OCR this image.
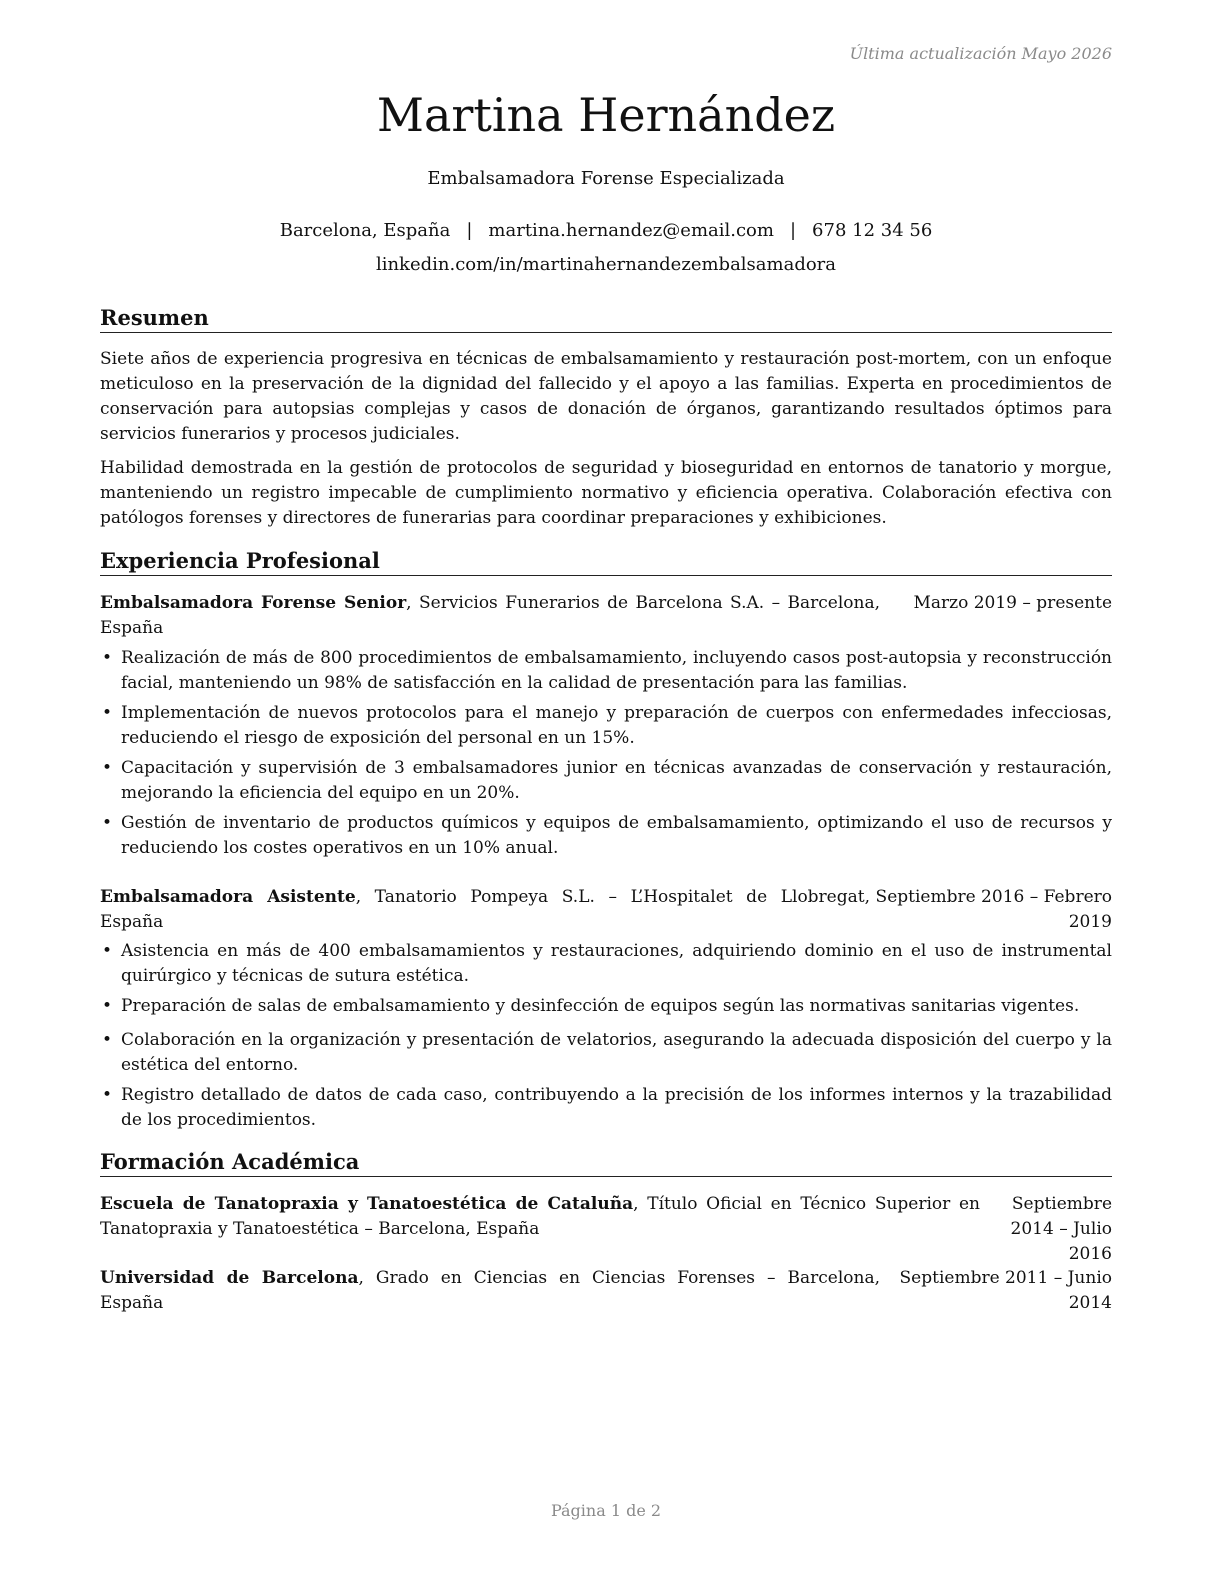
Última actualización Mayo 2026
Martina Hernández
Embalsamadora Forense Especializada
Barcelona, España | martina.hernandez@email.com | 678 12 34 56
linkedin.com/in/martinahernandezembalsamadora
Resumen

Siete años de experiencia progresiva en técnicas de embalsamamiento y restauración post-mortem, con un enfoque meticuloso en la preservación de la dignidad del fallecido y el apoyo a las familias. Experta en procedimientos de conservación para autopsias complejas y casos de donación de órganos, garantizando resultados óptimos para servicios funerarios y procesos judiciales.

Habilidad demostrada en la gestión de protocolos de seguridad y bioseguridad en entornos de tanatorio y morgue, manteniendo un registro impecable de cumplimiento normativo y eficiencia operativa. Colaboración efectiva con patólogos forenses y directores de funerarias para coordinar preparaciones y exhibiciones.

Experiencia Profesional
Embalsamadora Forense Senior, Servicios Funerarios de Barcelona S.A. – Barcelona, España
Marzo 2019 – presente
• Realización de más de 800 procedimientos de embalsamamiento, incluyendo casos post-autopsia y reconstrucción facial, manteniendo un 98% de satisfacción en la calidad de presentación para las familias.
• Implementación de nuevos protocolos para el manejo y preparación de cuerpos con enfermedades infecciosas, reduciendo el riesgo de exposición del personal en un 15%.
• Capacitación y supervisión de 3 embalsamadores junior en técnicas avanzadas de conservación y restauración, mejorando la eficiencia del equipo en un 20%.
• Gestión de inventario de productos químicos y equipos de embalsamamiento, optimizando el uso de recursos y reduciendo los costes operativos en un 10% anual.
Embalsamadora Asistente, Tanatorio Pompeya S.L. – L’Hospitalet de Llobregat, España
Septiembre 2016 – Febrero 2019
• Asistencia en más de 400 embalsamamientos y restauraciones, adquiriendo dominio en el uso de instrumental quirúrgico y técnicas de sutura estética.
• Preparación de salas de embalsamamiento y desinfección de equipos según las normativas sanitarias vigentes.
• Colaboración en la organización y presentación de velatorios, asegurando la adecuada disposición del cuerpo y la estética del entorno.
• Registro detallado de datos de cada caso, contribuyendo a la precisión de los informes internos y la trazabilidad de los procedimientos.
Formación Académica
Escuela de Tanatopraxia y Tanatoestética de Cataluña, Título Oficial en Técnico Superior en Tanatopraxia y Tanatoestética – Barcelona, España
Septiembre 2014 – Julio 2016
Universidad de Barcelona, Grado en Ciencias en Ciencias Forenses – Barcelona, España
Septiembre 2011 – Junio 2014
Página 1 de 2
